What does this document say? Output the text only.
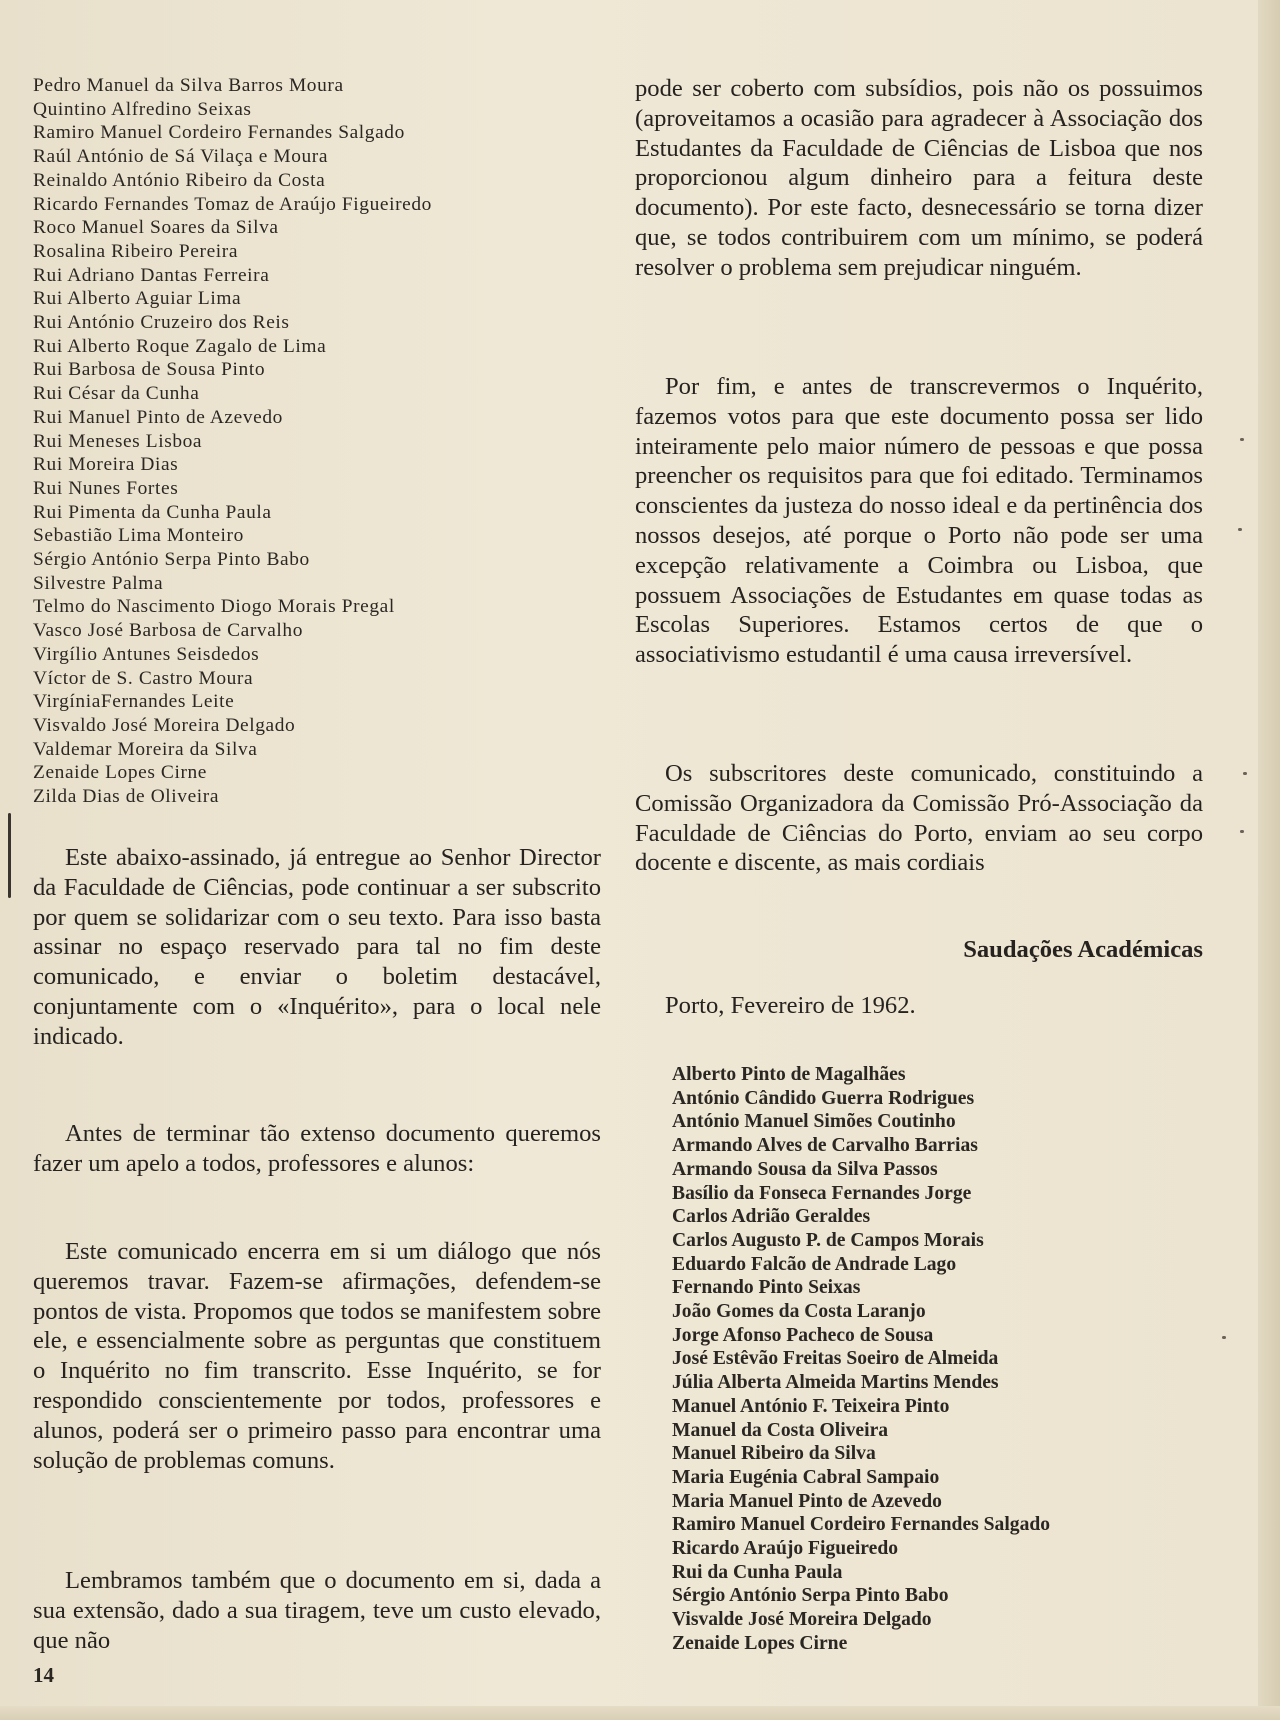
Pedro Manuel da Silva Barros Moura
Quintino Alfredino Seixas
Ramiro Manuel Cordeiro Fernandes Salgado
Raúl António de Sá Vilaça e Moura
Reinaldo António Ribeiro da Costa
Ricardo Fernandes Tomaz de Araújo Figueiredo
Roco Manuel Soares da Silva
Rosalina Ribeiro Pereira
Rui Adriano Dantas Ferreira
Rui Alberto Aguiar Lima
Rui António Cruzeiro dos Reis
Rui Alberto Roque Zagalo de Lima
Rui Barbosa de Sousa Pinto
Rui César da Cunha
Rui Manuel Pinto de Azevedo
Rui Meneses Lisboa
Rui Moreira Dias
Rui Nunes Fortes
Rui Pimenta da Cunha Paula
Sebastião Lima Monteiro
Sérgio António Serpa Pinto Babo
Silvestre Palma
Telmo do Nascimento Diogo Morais Pregal
Vasco José Barbosa de Carvalho
Virgílio Antunes Seisdedos
Víctor de S. Castro Moura
VirgíniaFernandes Leite
Visvaldo José Moreira Delgado
Valdemar Moreira da Silva
Zenaide Lopes Cirne
Zilda Dias de Oliveira

Este abaixo-assinado, já entregue ao Senhor Director da Faculdade de Ciências, pode continuar a ser subscrito por quem se solidarizar com o seu texto. Para isso basta assinar no espaço reservado para tal no fim deste comunicado, e enviar o boletim destacável, conjuntamente com o «Inquérito», para o local nele indicado.

Antes de terminar tão extenso documento queremos fazer um apelo a todos, professores e alunos:

Este comunicado encerra em si um diálogo que nós queremos travar. Fazem-se afirmações, defendem-se pontos de vista. Propomos que todos se manifestem sobre ele, e essencialmente sobre as perguntas que constituem o Inquérito no fim transcrito. Esse Inquérito, se for respondido conscientemente por todos, professores e alunos, poderá ser o primeiro passo para encontrar uma solução de problemas comuns.

Lembramos também que o documento em si, dada a sua extensão, dado a sua tiragem, teve um custo elevado, que não

14

pode ser coberto com subsídios, pois não os possuimos (aproveitamos a ocasião para agradecer à Associação dos Estudantes da Faculdade de Ciências de Lisboa que nos proporcionou algum dinheiro para a feitura deste documento). Por este facto, desnecessário se torna dizer que, se todos contribuirem com um mínimo, se poderá resolver o problema sem prejudicar ninguém.

Por fim, e antes de transcrevermos o Inquérito, fazemos votos para que este documento possa ser lido inteiramente pelo maior número de pessoas e que possa preencher os requisitos para que foi editado. Terminamos conscientes da justeza do nosso ideal e da pertinência dos nossos desejos, até porque o Porto não pode ser uma excepção relativamente a Coimbra ou Lisboa, que possuem Associações de Estudantes em quase todas as Escolas Superiores. Estamos certos de que o associativismo estudantil é uma causa irreversível.

Os subscritores deste comunicado, constituindo a Comissão Organizadora da Comissão Pró-Associação da Faculdade de Ciências do Porto, enviam ao seu corpo docente e discente, as mais cordiais

Saudações Académicas
Porto, Fevereiro de 1962.
Alberto Pinto de Magalhães
António Cândido Guerra Rodrigues
António Manuel Simões Coutinho
Armando Alves de Carvalho Barrias
Armando Sousa da Silva Passos
Basílio da Fonseca Fernandes Jorge
Carlos Adrião Geraldes
Carlos Augusto P. de Campos Morais
Eduardo Falcão de Andrade Lago
Fernando Pinto Seixas
João Gomes da Costa Laranjo
Jorge Afonso Pacheco de Sousa
José Estêvão Freitas Soeiro de Almeida
Júlia Alberta Almeida Martins Mendes
Manuel António F. Teixeira Pinto
Manuel da Costa Oliveira
Manuel Ribeiro da Silva
Maria Eugénia Cabral Sampaio
Maria Manuel Pinto de Azevedo
Ramiro Manuel Cordeiro Fernandes Salgado
Ricardo Araújo Figueiredo
Rui da Cunha Paula
Sérgio António Serpa Pinto Babo
Visvalde José Moreira Delgado
Zenaide Lopes Cirne
